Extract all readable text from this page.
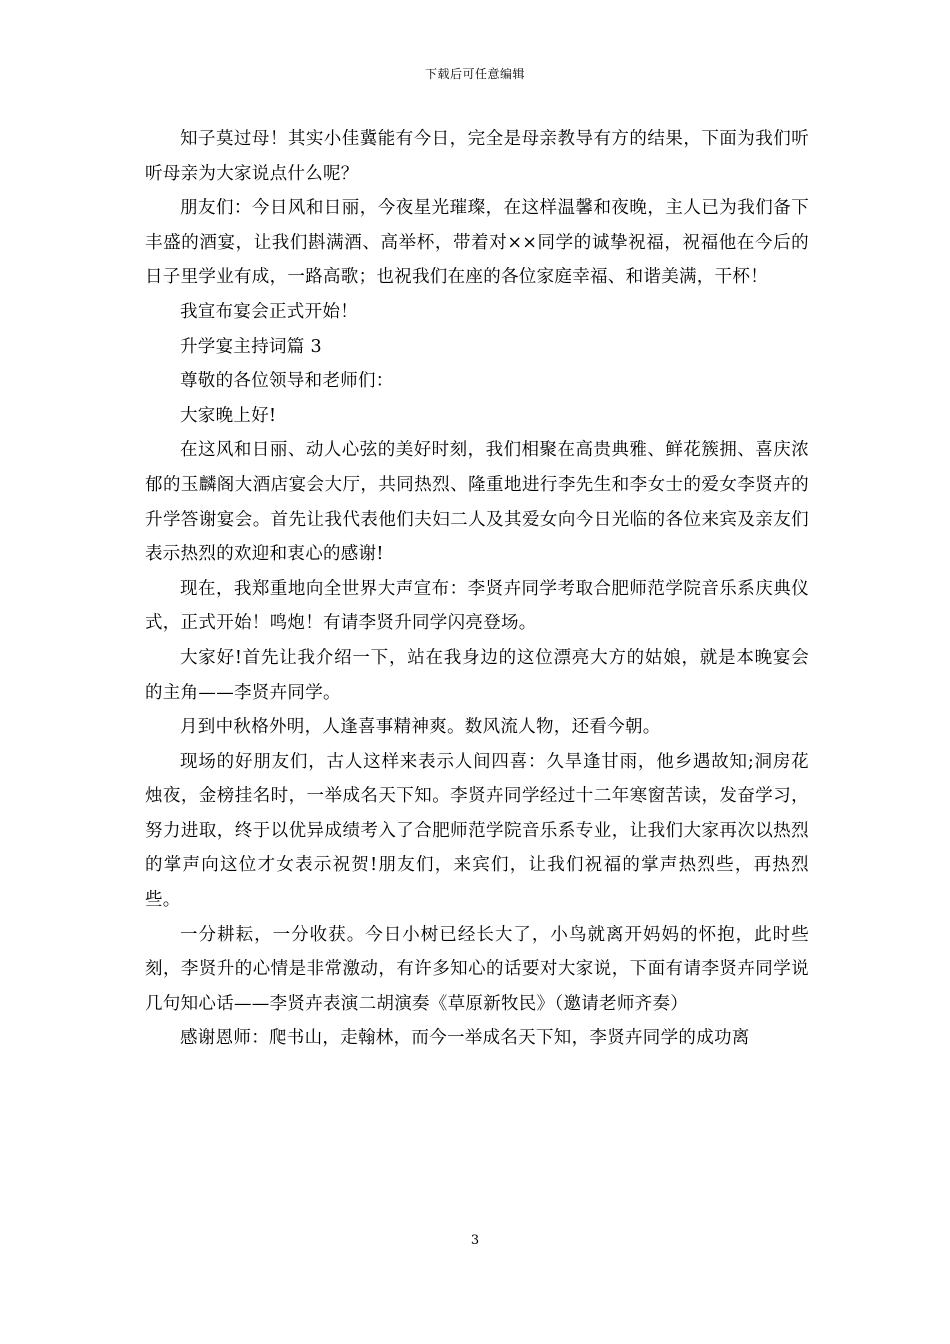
下载后可任意编辑

知子莫过母！其实小佳冀能有今日，完全是母亲教导有方的结果，下面为我们听听母亲为大家说点什么呢？

朋友们：今日风和日丽，今夜星光璀璨，在这样温馨和夜晚，主人已为我们备下丰盛的酒宴，让我们斟满酒、高举杯，带着对××同学的诚挚祝福，祝福他在今后的日子里学业有成，一路高歌；也祝我们在座的各位家庭幸福、和谐美满，干杯！

我宣布宴会正式开始！

升学宴主持词篇 3

尊敬的各位领导和老师们：

大家晚上好!

在这风和日丽、动人心弦的美好时刻，我们相聚在高贵典雅、鲜花簇拥、喜庆浓郁的玉麟阁大酒店宴会大厅，共同热烈、隆重地进行李先生和李女士的爱女李贤卉的升学答谢宴会。首先让我代表他们夫妇二人及其爱女向今日光临的各位来宾及亲友们表示热烈的欢迎和衷心的感谢!

现在，我郑重地向全世界大声宣布：李贤卉同学考取合肥师范学院音乐系庆典仪式，正式开始！鸣炮！有请李贤升同学闪亮登场。

大家好!首先让我介绍一下，站在我身边的这位漂亮大方的姑娘，就是本晚宴会的主角——李贤卉同学。

月到中秋格外明，人逢喜事精神爽。数风流人物，还看今朝。

现场的好朋友们，古人这样来表示人间四喜：久旱逢甘雨，他乡遇故知;洞房花烛夜，金榜挂名时，一举成名天下知。李贤卉同学经过十二年寒窗苦读，发奋学习，努力进取，终于以优异成绩考入了合肥师范学院音乐系专业，让我们大家再次以热烈的掌声向这位才女表示祝贺!朋友们，来宾们，让我们祝福的掌声热烈些，再热烈些。

一分耕耘，一分收获。今日小树已经长大了，小鸟就离开妈妈的怀抱，此时些刻，李贤升的心情是非常激动，有许多知心的话要对大家说，下面有请李贤卉同学说几句知心话——李贤卉表演二胡演奏《草原新牧民》（邀请老师齐奏）

感谢恩师：爬书山，走翰林，而今一举成名天下知，李贤卉同学的成功离

3
